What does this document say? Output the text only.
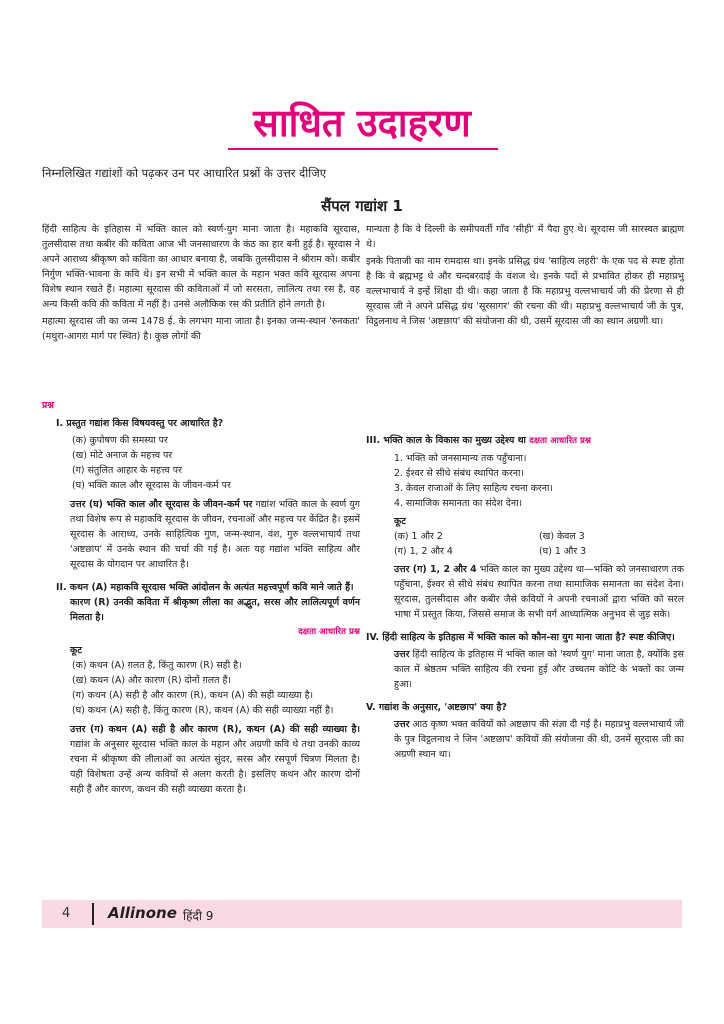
साधित उदाहरण
निम्नलिखित गद्यांशों को पढ़कर उन पर आधारित प्रश्नों के उत्तर दीजिए
सैंपल गद्यांश 1

हिंदी साहित्य के इतिहास में भक्ति काल को स्वर्ण-युग माना जाता है। महाकवि सूरदास, तुलसीदास तथा कबीर की कविता आज भी जनसाधारण के कंठ का हार बनी हुई है। सूरदास ने अपने आराध्य श्रीकृष्ण को कविता का आधार बनाया है, जबकि तुलसीदास ने श्रीराम को। कबीर निर्गुण भक्ति-भावना के कवि थे। इन सभी में भक्ति काल के महान भक्त कवि सूरदास अपना विशेष स्थान रखते हैं। महात्मा सूरदास की कविताओं में जो सरसता, लालित्य तथा रस है, वह अन्य किसी कवि की कविता में नहीं है। उनसे अलौकिक रस की प्रतीति होने लगती है।

महात्मा सूरदास जी का जन्म 1478 ई. के लगभग माना जाता है। इनका जन्म-स्थान 'रुनकता' (मथुरा-आगरा मार्ग पर स्थित) है। कुछ लोगों की

प्रश्न
I. प्रस्तुत गद्यांश किस विषयवस्तु पर आधारित है?
(क) कुपोषण की समस्या पर
(ख) मोटे अनाज के महत्त्व पर
(ग) संतुलित आहार के महत्त्व पर
(घ) भक्ति काल और सूरदास के जीवन-कर्म पर
उत्तर (घ) भक्ति काल और सूरदास के जीवन-कर्म पर गद्यांश भक्ति काल के स्वर्ण युग तथा विशेष रूप से महाकवि सूरदास के जीवन, रचनाओं और महत्त्व पर केंद्रित है। इसमें सूरदास के आराध्य, उनके साहित्यिक गुण, जन्म-स्थान, वंश, गुरु वल्लभाचार्य तथा 'अष्टछाप' में उनके स्थान की चर्चा की गई है। अतः यह गद्यांश भक्ति साहित्य और सूरदास के योगदान पर आधारित है।
II. कथन (A) महाकवि सूरदास भक्ति आंदोलन के अत्यंत महत्त्वपूर्ण कवि माने जाते हैं।
कारण (R) उनकी कविता में श्रीकृष्ण लीला का अद्भुत, सरस और लालित्यपूर्ण वर्णन मिलता है।
दक्षता आधारित प्रश्न
कूट
(क) कथन (A) ग़लत है, किंतु कारण (R) सही है।
(ख) कथन (A) और कारण (R) दोनों ग़लत हैं।
(ग) कथन (A) सही है और कारण (R), कथन (A) की सही व्याख्या है।
(घ) कथन (A) सही है, किंतु कारण (R), कथन (A) की सही व्याख्या नहीं है।
उत्तर (ग) कथन (A) सही है और कारण (R), कथन (A) की सही व्याख्या है। गद्यांश के अनुसार सूरदास भक्ति काल के महान और अग्रणी कवि थे तथा उनकी काव्य रचना में श्रीकृष्ण की लीलाओं का अत्यंत सुंदर, सरस और रसपूर्ण चित्रण मिलता है। यही विशेषता उन्हें अन्य कवियों से अलग करती है। इसलिए कथन और कारण दोनों सही हैं और कारण, कथन की सही व्याख्या करता है।

मान्यता है कि वे दिल्ली के समीपवर्ती गाँव 'सीही' में पैदा हुए थे। सूरदास जी सारस्वत ब्राह्मण थे।

इनके पिताजी का नाम रामदास था। इनके प्रसिद्ध ग्रंथ 'साहित्य लहरी' के एक पद से स्पष्ट होता है कि वे ब्रह्मभट्ट थे और चन्दबरदाई के वंशज थे। इनके पदों से प्रभावित होकर ही महाप्रभु वल्लभाचार्य ने इन्हें शिक्षा दी थी। कहा जाता है कि महाप्रभु वल्लभाचार्य जी की प्रेरणा से ही सूरदास जी ने अपने प्रसिद्ध ग्रंथ 'सूरसागर' की रचना की थी। महाप्रभु वल्लभाचार्य जी के पुत्र, विट्ठलनाथ ने जिस 'अष्टछाप' की संयोजना की थी, उसमें सूरदास जी का स्थान अग्रणी था।

III. भक्ति काल के विकास का मुख्य उद्देश्य था दक्षता आधारित प्रश्न
1. भक्ति को जनसामान्य तक पहुँचाना।
2. ईश्वर से सीधे संबंध स्थापित करना।
3. केवल राजाओं के लिए साहित्य रचना करना।
4. सामाजिक समानता का संदेश देना।
कूट
(क) 1 और 2	(ख) केवल 3
(ग) 1, 2 और 4	(घ) 1 और 3
उत्तर (ग) 1, 2 और 4 भक्ति काल का मुख्य उद्देश्य था—भक्ति को जनसाधारण तक पहुँचाना, ईश्वर से सीधे संबंध स्थापित करना तथा सामाजिक समानता का संदेश देना। सूरदास, तुलसीदास और कबीर जैसे कवियों ने अपनी रचनाओं द्वारा भक्ति को सरल भाषा में प्रस्तुत किया, जिससे समाज के सभी वर्ग आध्यात्मिक अनुभव से जुड़ सके।
IV. हिंदी साहित्य के इतिहास में भक्ति काल को कौन-सा युग माना जाता है? स्पष्ट कीजिए।
उत्तर हिंदी साहित्य के इतिहास में भक्ति काल को 'स्वर्ण युग' माना जाता है, क्योंकि इस काल में श्रेष्ठतम भक्ति साहित्य की रचना हुई और उच्चतम कोटि के भक्तों का जन्म हुआ।
V. गद्यांश के अनुसार, 'अष्टछाप' क्या है?
उत्तर आठ कृष्ण भक्त कवियों को अष्टछाप की संज्ञा दी गई है। महाप्रभु वल्लभाचार्य जी के पुत्र विट्ठलनाथ ने जिन 'अष्टछाप' कवियों की संयोजना की थी, उनमें सूरदास जी का अग्रणी स्थान था।
4	Allinone हिंदी 9
